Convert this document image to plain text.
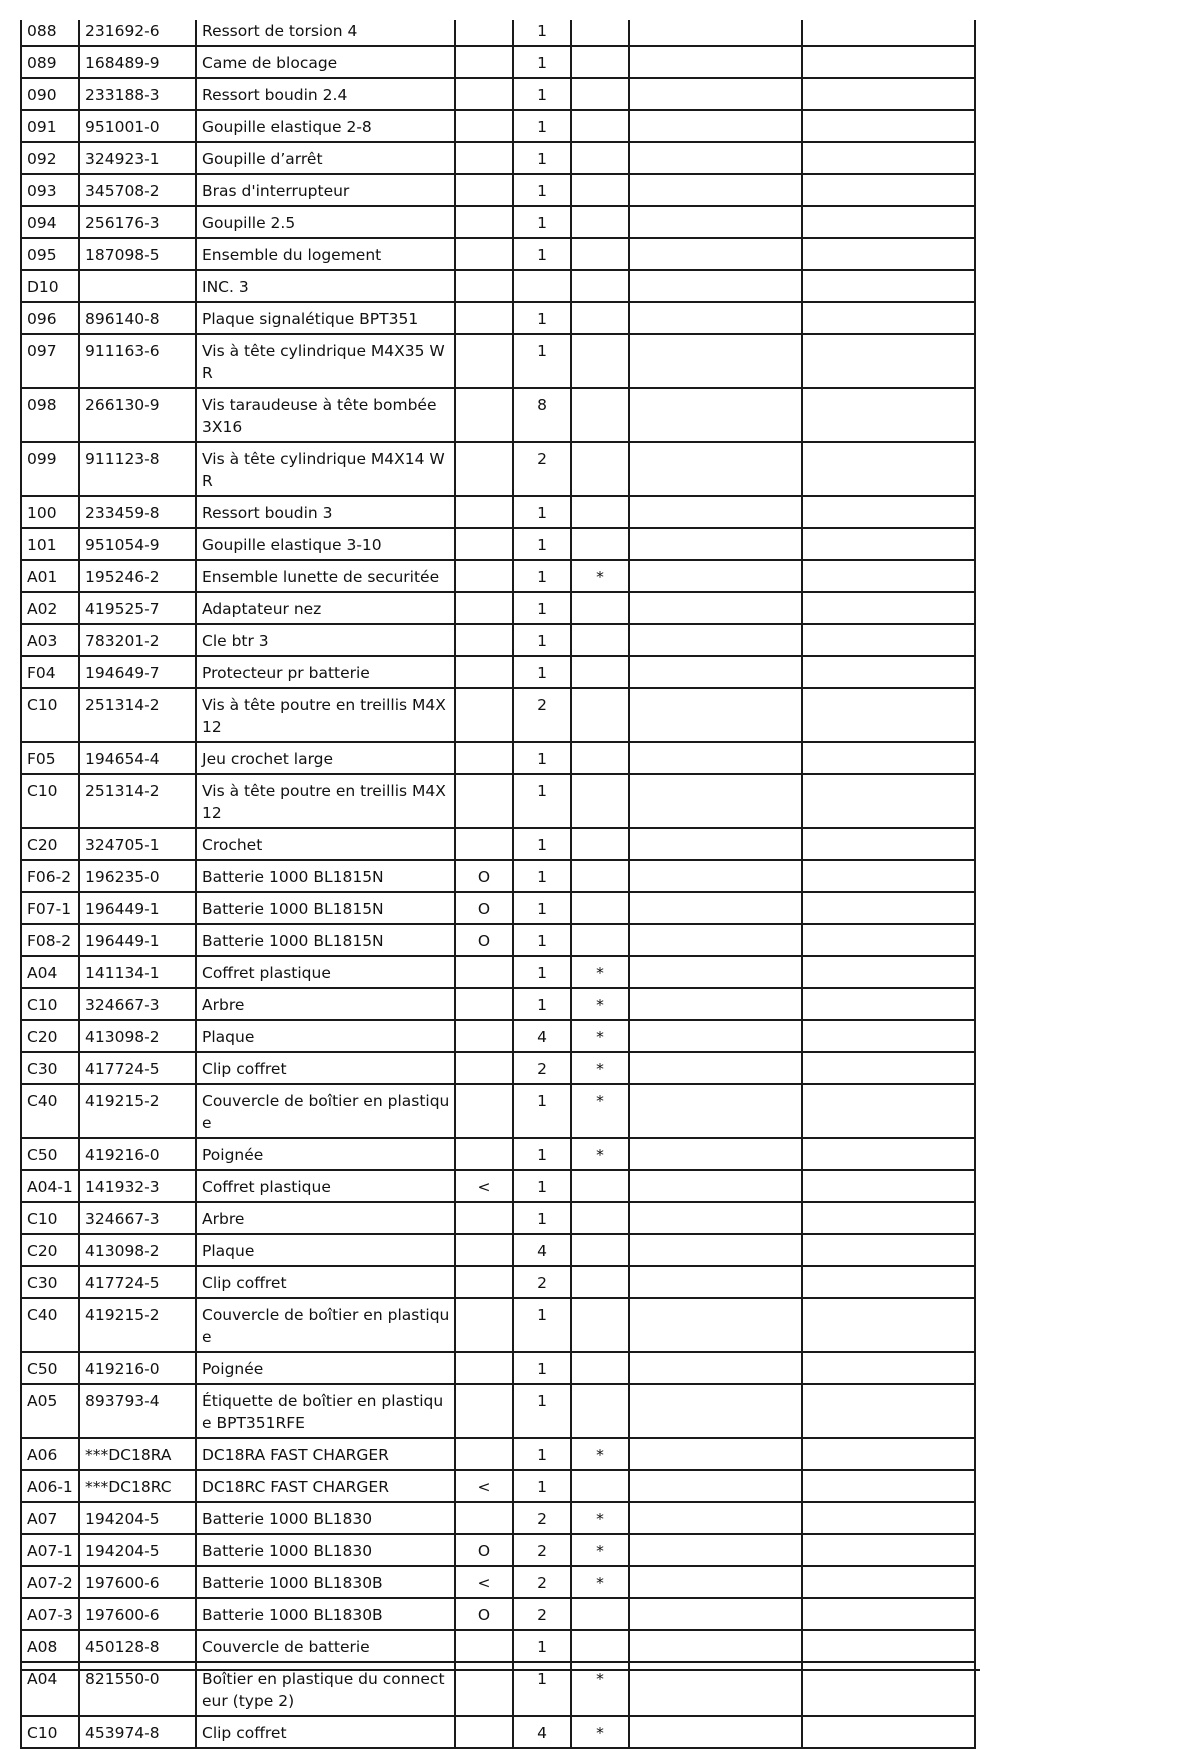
088	231692-6	Ressort de torsion 4		1			
089	168489-9	Came de blocage		1			
090	233188-3	Ressort boudin 2.4		1			
091	951001-0	Goupille elastique 2-8		1			
092	324923-1	Goupille d’arrêt		1			
093	345708-2	Bras d'interrupteur		1			
094	256176-3	Goupille 2.5		1			
095	187098-5	Ensemble du logement		1			
D10		INC. 3					
096	896140-8	Plaque signalétique BPT351		1			
097	911163-6	Vis à tête cylindrique M4X35 WR		1			
098	266130-9	Vis taraudeuse à tête bombée 3X16		8			
099	911123-8	Vis à tête cylindrique M4X14 WR		2			
100	233459-8	Ressort boudin 3		1			
101	951054-9	Goupille elastique 3-10		1			
A01	195246-2	Ensemble lunette de securitée		1	*		
A02	419525-7	Adaptateur nez		1			
A03	783201-2	Cle btr 3		1			
F04	194649-7	Protecteur pr batterie		1			
C10	251314-2	Vis à tête poutre en treillis M4X12		2			
F05	194654-4	Jeu crochet large		1			
C10	251314-2	Vis à tête poutre en treillis M4X12		1			
C20	324705-1	Crochet		1			
F06-2	196235-0	Batterie 1000 BL1815N	O	1			
F07-1	196449-1	Batterie 1000 BL1815N	O	1			
F08-2	196449-1	Batterie 1000 BL1815N	O	1			
A04	141134-1	Coffret plastique		1	*		
C10	324667-3	Arbre		1	*		
C20	413098-2	Plaque		4	*		
C30	417724-5	Clip coffret		2	*		
C40	419215-2	Couvercle de boîtier en plastique		1	*		
C50	419216-0	Poignée		1	*		
A04-1	141932-3	Coffret plastique	<	1			
C10	324667-3	Arbre		1			
C20	413098-2	Plaque		4			
C30	417724-5	Clip coffret		2			
C40	419215-2	Couvercle de boîtier en plastique		1			
C50	419216-0	Poignée		1			
A05	893793-4	Étiquette de boîtier en plastique BPT351RFE		1			
A06	***DC18RA	DC18RA FAST CHARGER		1	*		
A06-1	***DC18RC	DC18RC FAST CHARGER	<	1			
A07	194204-5	Batterie 1000 BL1830		2	*		
A07-1	194204-5	Batterie 1000 BL1830	O	2	*		
A07-2	197600-6	Batterie 1000 BL1830B	<	2	*		
A07-3	197600-6	Batterie 1000 BL1830B	O	2			
A08	450128-8	Couvercle de batterie		1			
A04	821550-0	Boîtier en plastique du connecteur (type 2)		1	*		
C10	453974-8	Clip coffret		4	*		
